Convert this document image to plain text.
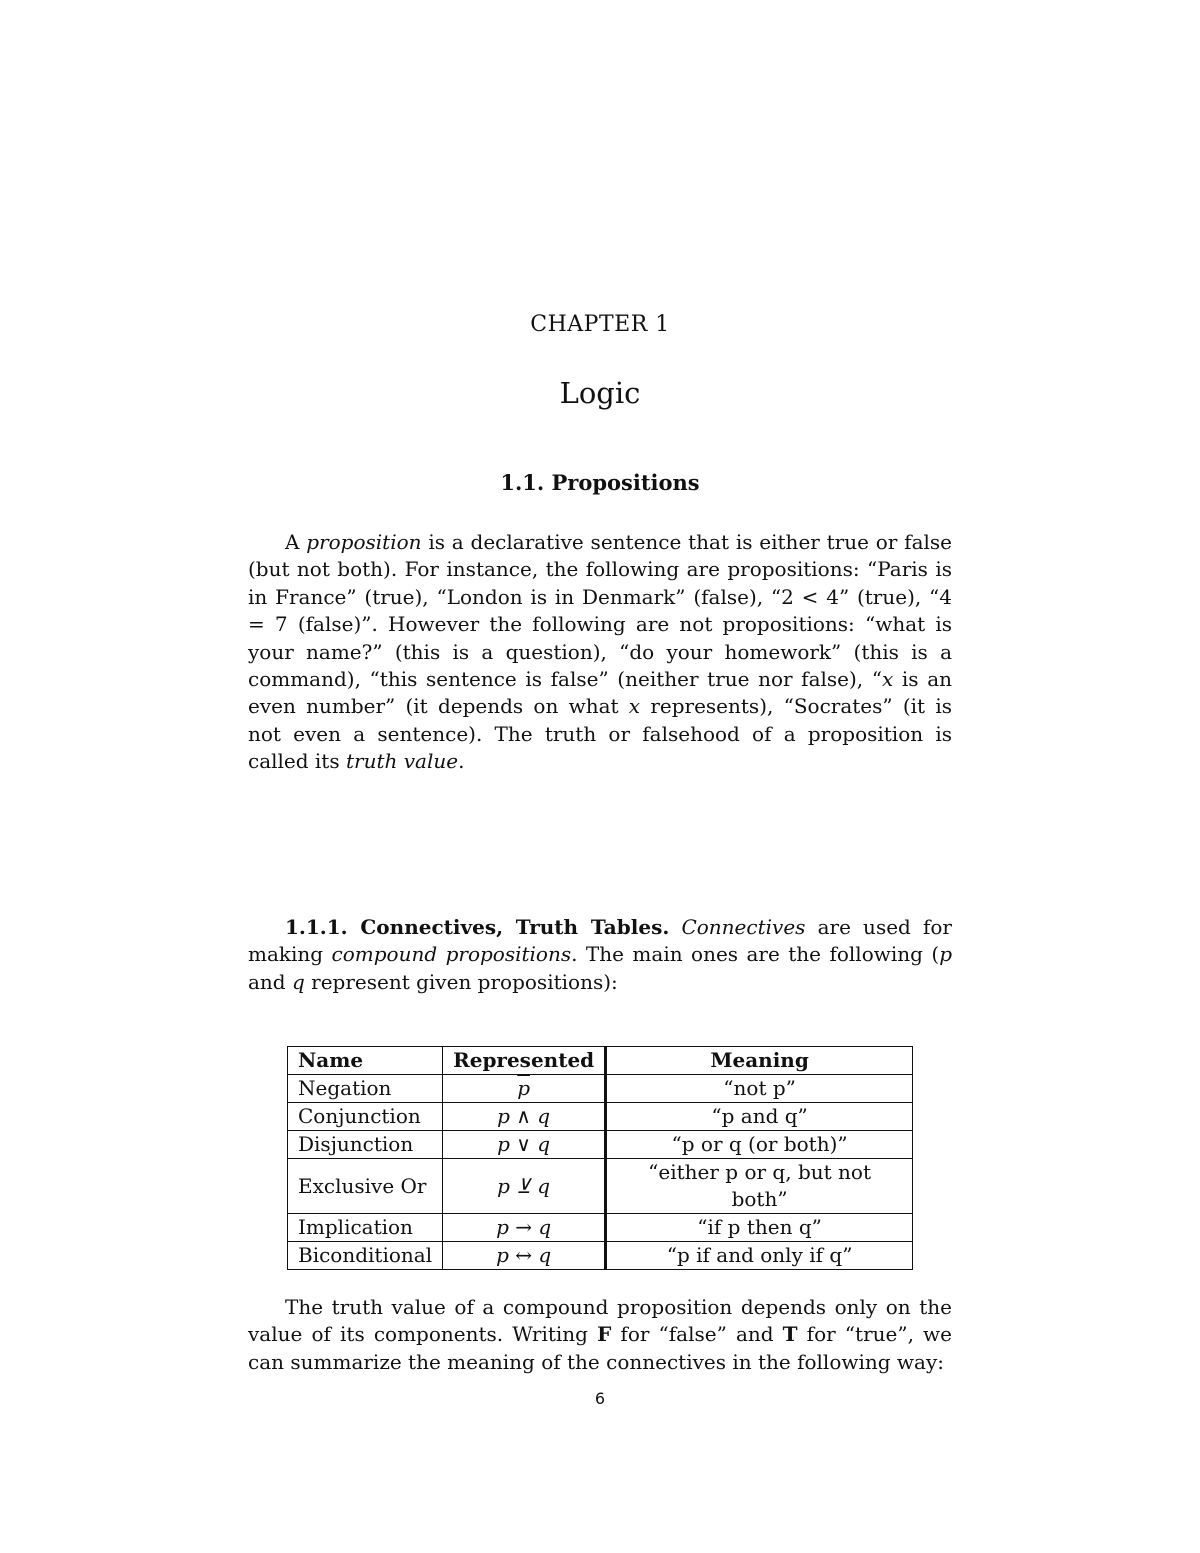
CHAPTER 1
Logic
1.1. Propositions

A proposition is a declarative sentence that is either true or false (but not both). For instance, the following are propositions: “Paris is in France” (true), “London is in Denmark” (false), “2 < 4” (true), “4 = 7 (false)”. However the following are not propositions: “what is your name?” (this is a question), “do your homework” (this is a command), “this sentence is false” (neither true nor false), “x is an even number” (it depends on what x represents), “Socrates” (it is not even a sentence). The truth or falsehood of a proposition is called its truth value.

1.1.1. Connectives, Truth Tables. Connectives are used for making compound propositions. The main ones are the following (p and q represent given propositions):

Name	Represented	Meaning
Negation	$\overline{p}$	“not p”
Conjunction	p ∧ q	“p and q”
Disjunction	p ∨ q	“p or q (or both)”
Exclusive Or	p ⊻ q	“either p or q, but not both”
Implication	p → q	“if p then q”
Biconditional	p ↔ q	“p if and only if q”

The truth value of a compound proposition depends only on the value of its components. Writing F for “false” and T for “true”, we can summarize the meaning of the connectives in the following way:

6
